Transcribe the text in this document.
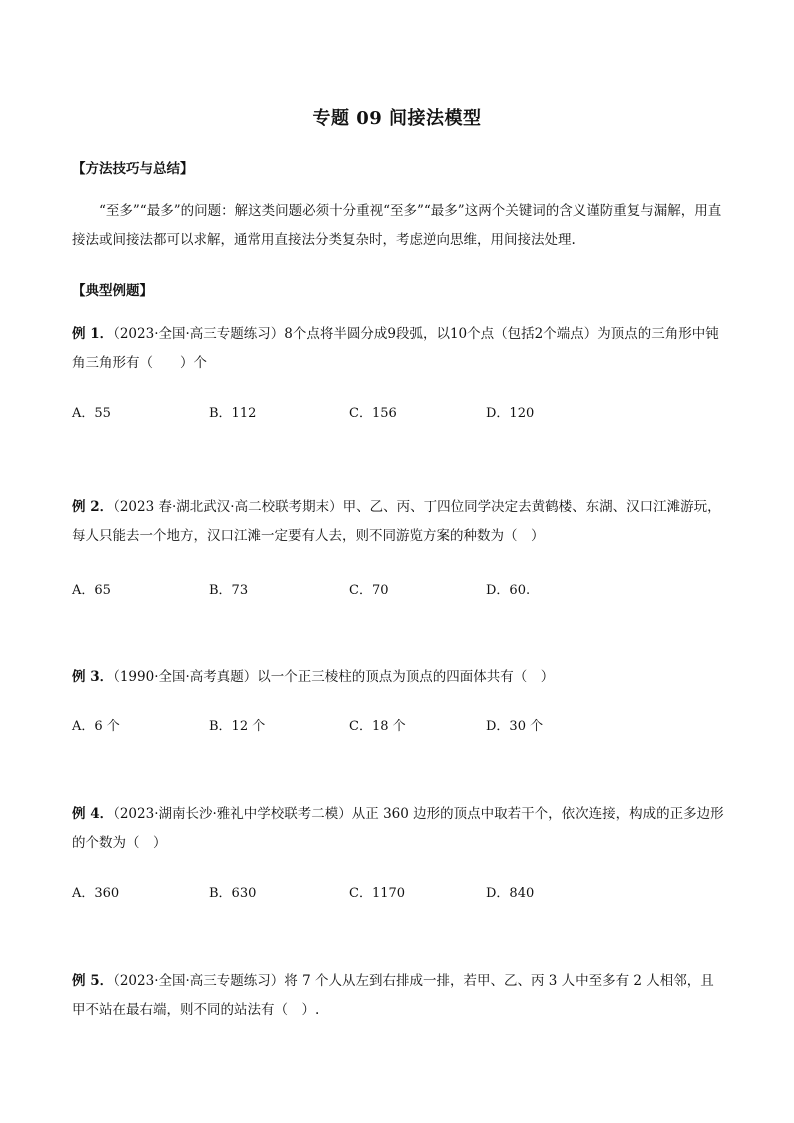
专题 09 间接法模型
【方法技巧与总结】
“至多”“最多”的问题：解这类问题必须十分重视“至多”“最多”这两个关键词的含义谨防重复与漏解，用直接法或间接法都可以求解，通常用直接法分类复杂时，考虑逆向思维，用间接法处理.
【典型例题】
例 1．（2023·全国·高三专题练习）8个点将半圆分成9段弧，以10个点（包括2个端点）为顶点的三角形中钝角三角形有（　　）个
A．55	B．112	C．156	D．120
例 2．（2023 春·湖北武汉·高二校联考期末）甲、乙、丙、丁四位同学决定去黄鹤楼、东湖、汉口江滩游玩，每人只能去一个地方，汉口江滩一定要有人去，则不同游览方案的种数为（　）
A．65	B．73	C．70	D．60.
例 3．（1990·全国·高考真题）以一个正三棱柱的顶点为顶点的四面体共有（　）
A．6 个	B．12 个	C．18 个	D．30 个
例 4．（2023·湖南长沙·雅礼中学校联考二模）从正 360 边形的顶点中取若干个，依次连接，构成的正多边形的个数为（　）
A．360	B．630	C．1170	D．840
例 5．（2023·全国·高三专题练习）将 7 个人从左到右排成一排，若甲、乙、丙 3 人中至多有 2 人相邻，且甲不站在最右端，则不同的站法有（　）.
